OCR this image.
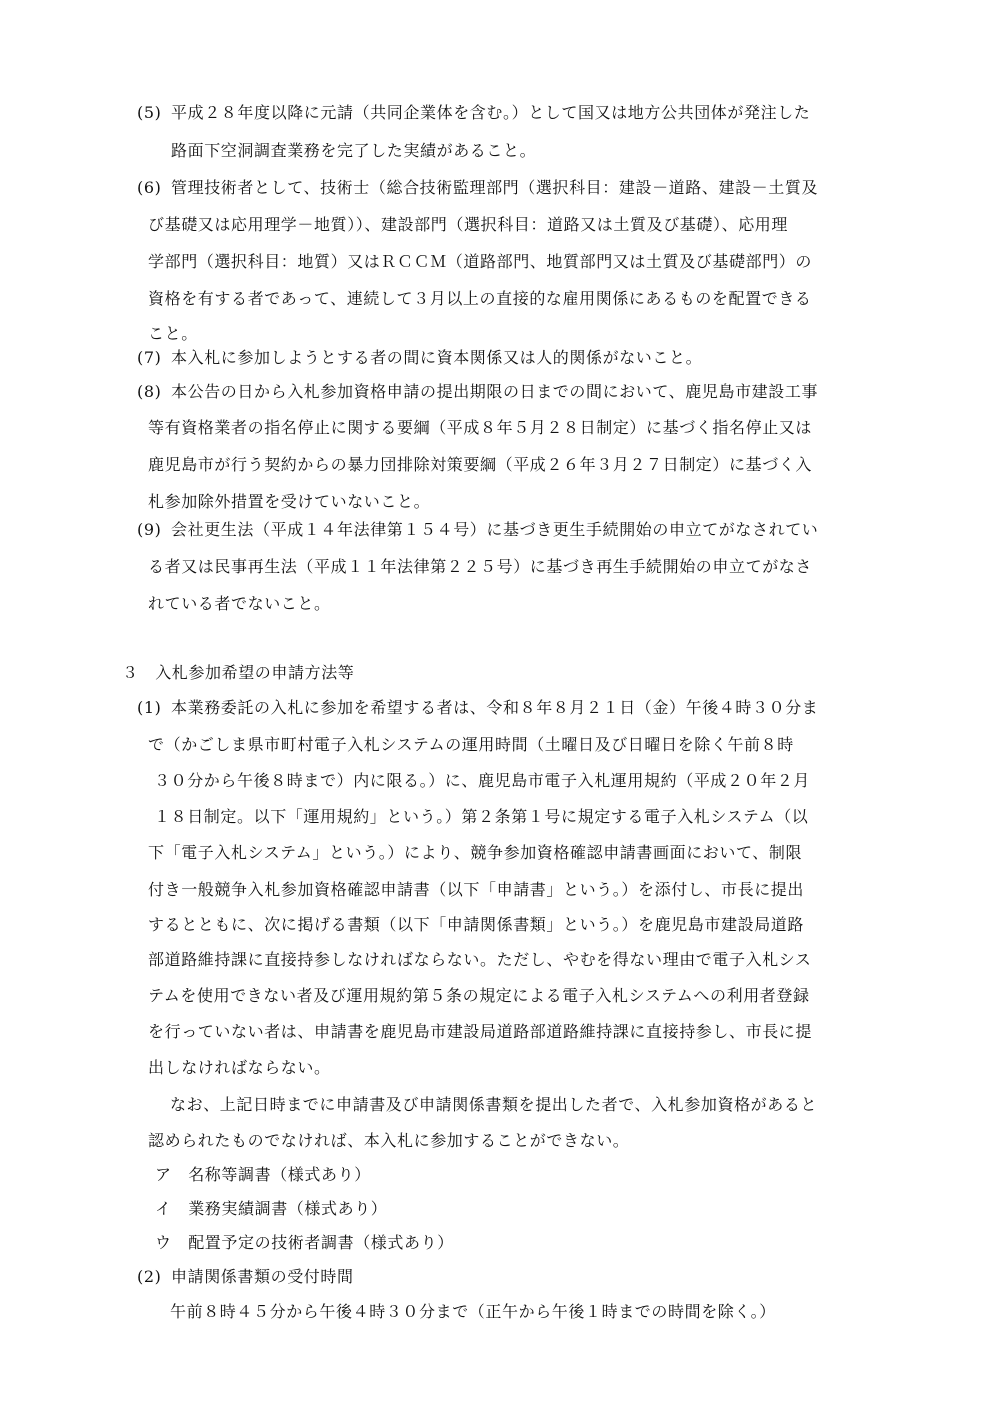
(5) 平成２８年度以降に元請（共同企業体を含む。）として国又は地方公共団体が発注した
路面下空洞調査業務を完了した実績があること。
(6) 管理技術者として、技術士（総合技術監理部門（選択科目：建設－道路、建設－土質及
び基礎又は応用理学－地質））、建設部門（選択科目：道路又は土質及び基礎）、応用理
学部門（選択科目：地質）又はＲＣＣＭ（道路部門、地質部門又は土質及び基礎部門）の
資格を有する者であって、連続して３月以上の直接的な雇用関係にあるものを配置できる
こと。
(7) 本入札に参加しようとする者の間に資本関係又は人的関係がないこと。
(8) 本公告の日から入札参加資格申請の提出期限の日までの間において、鹿児島市建設工事
等有資格業者の指名停止に関する要綱（平成８年５月２８日制定）に基づく指名停止又は
鹿児島市が行う契約からの暴力団排除対策要綱（平成２６年３月２７日制定）に基づく入
札参加除外措置を受けていないこと。
(9) 会社更生法（平成１４年法律第１５４号）に基づき更生手続開始の申立てがなされてい
る者又は民事再生法（平成１１年法律第２２５号）に基づき再生手続開始の申立てがなさ
れている者でないこと。
３　入札参加希望の申請方法等
(1) 本業務委託の入札に参加を希望する者は、令和８年８月２１日（金）午後４時３０分ま
で（かごしま県市町村電子入札システムの運用時間（土曜日及び日曜日を除く午前８時
３０分から午後８時まで）内に限る。）に、鹿児島市電子入札運用規約（平成２０年２月
１８日制定。以下「運用規約」という。）第２条第１号に規定する電子入札システム（以
下「電子入札システム」という。）により、競争参加資格確認申請書画面において、制限
付き一般競争入札参加資格確認申請書（以下「申請書」という。）を添付し、市長に提出
するとともに、次に掲げる書類（以下「申請関係書類」という。）を鹿児島市建設局道路
部道路維持課に直接持参しなければならない。ただし、やむを得ない理由で電子入札シス
テムを使用できない者及び運用規約第５条の規定による電子入札システムへの利用者登録
を行っていない者は、申請書を鹿児島市建設局道路部道路維持課に直接持参し、市長に提
出しなければならない。
なお、上記日時までに申請書及び申請関係書類を提出した者で、入札参加資格があると
認められたものでなければ、本入札に参加することができない。
ア　名称等調書（様式あり）
イ　業務実績調書（様式あり）
ウ　配置予定の技術者調書（様式あり）
(2) 申請関係書類の受付時間
午前８時４５分から午後４時３０分まで（正午から午後１時までの時間を除く。）
